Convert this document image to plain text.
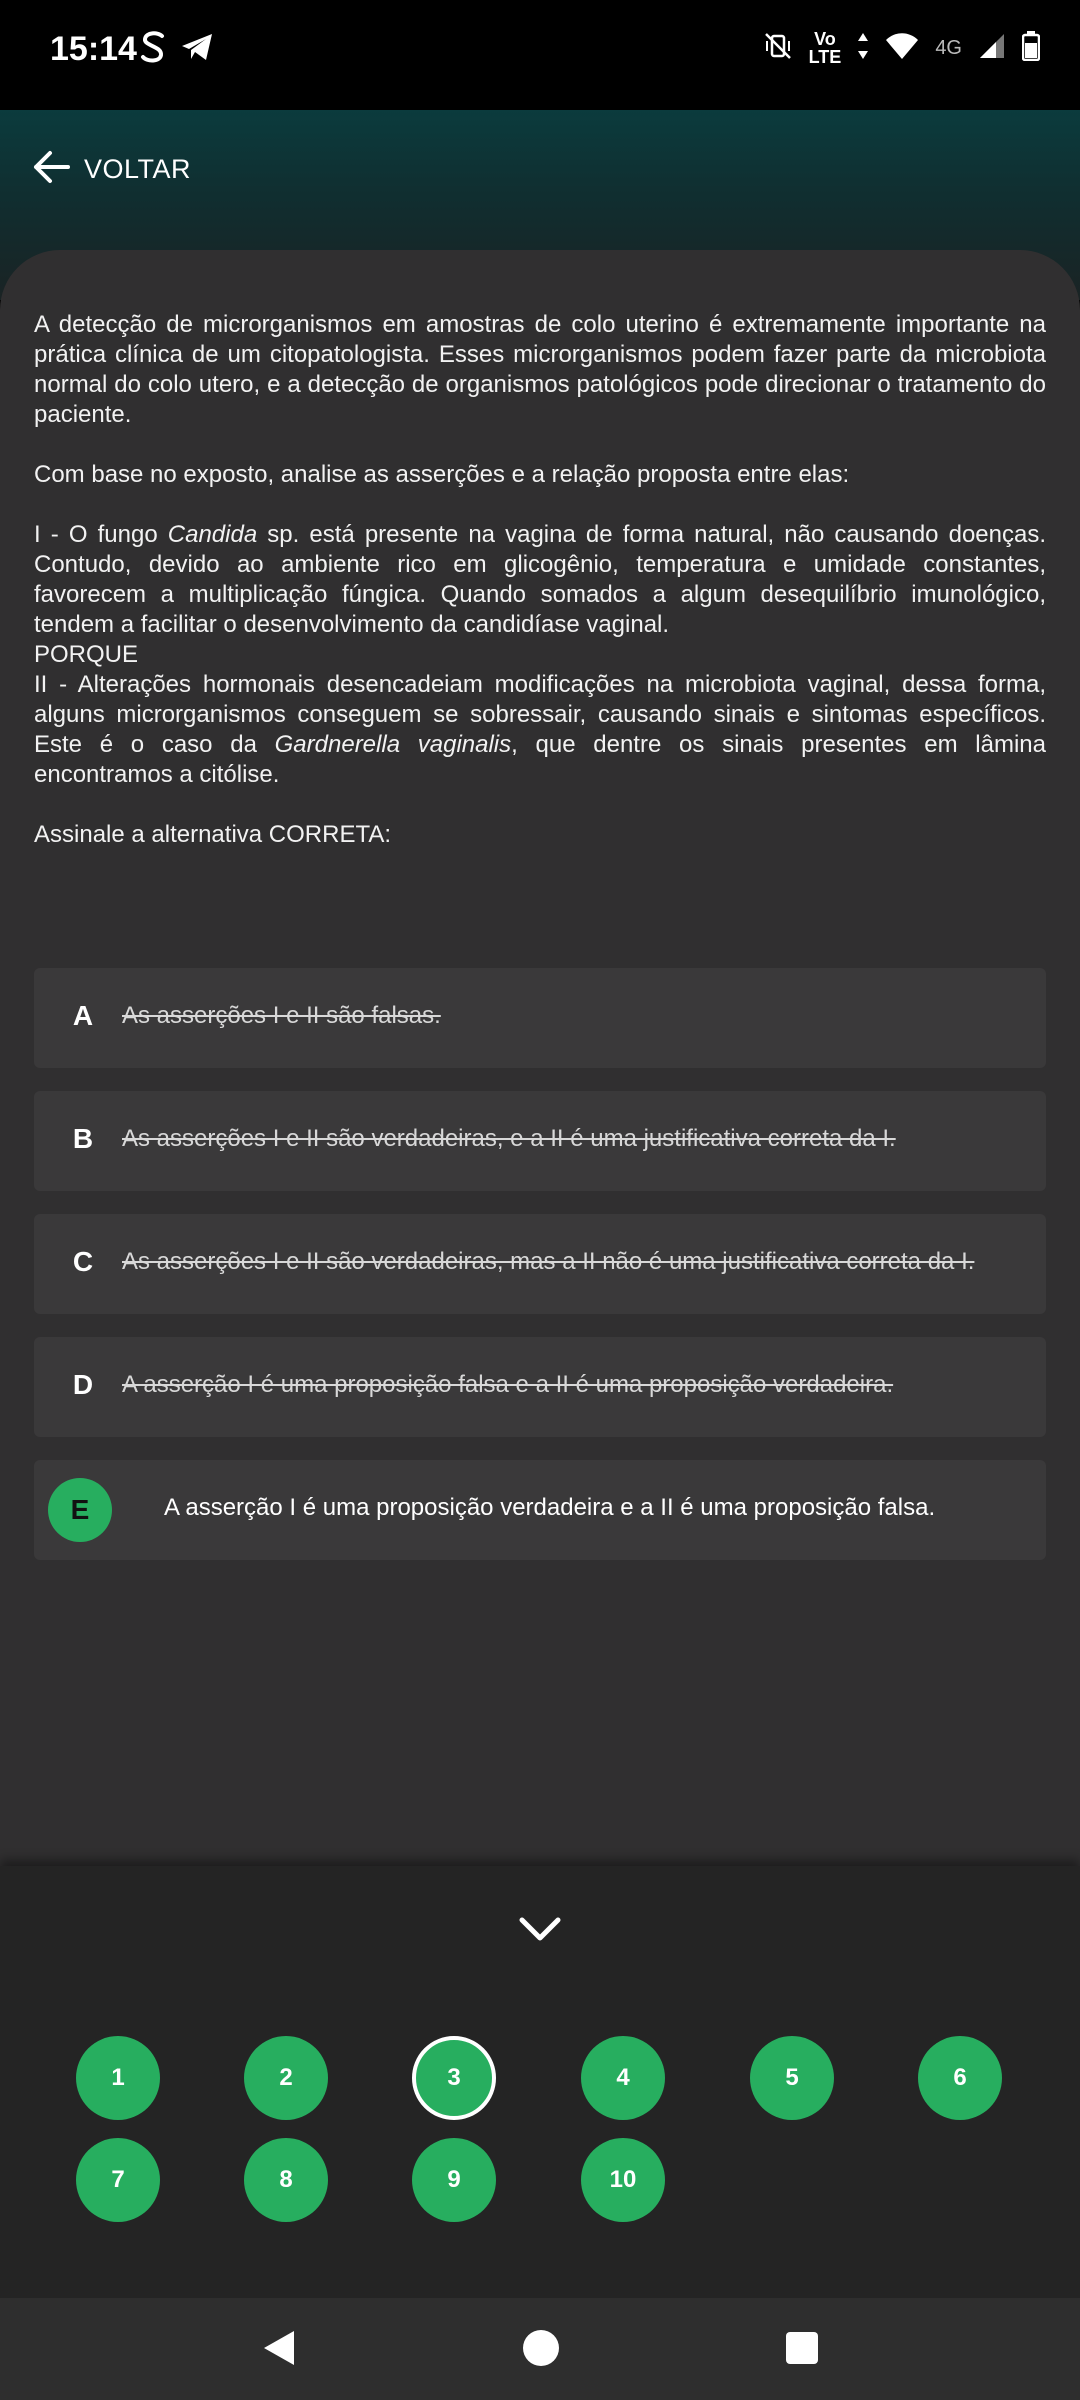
15:14	Vo
LTE	4G
VOLTAR

A detecção de microrganismos em amostras de colo uterino é extremamente importante na prática clínica de um citopatologista. Esses microrganismos podem fazer parte da microbiota normal do colo utero, e a detecção de organismos patológicos pode direcionar o tratamento do paciente.

Com base no exposto, analise as asserções e a relação proposta entre elas:

I - O fungo Candida sp. está presente na vagina de forma natural, não causando doenças. Contudo, devido ao ambiente rico em glicogênio, temperatura e umidade constantes, favorecem a multiplicação fúngica. Quando somados a algum desequilíbrio imunológico, tendem a facilitar o desenvolvimento da candidíase vaginal.

PORQUE

II - Alterações hormonais desencadeiam modificações na microbiota vaginal, dessa forma, alguns microrganismos conseguem se sobressair, causando sinais e sintomas específicos. Este é o caso da Gardnerella vaginalis, que dentre os sinais presentes em lâmina encontramos a citólise.

Assinale a alternativa CORRETA:

A As asserções I e II são falsas.
B As asserções I e II são verdadeiras, e a II é uma justificativa correta da I.
C As asserções I e II são verdadeiras, mas a II não é uma justificativa correta da I.
D A asserção I é uma proposição falsa e a II é uma proposição verdadeira.
E	A asserção I é uma proposição verdadeira e a II é uma proposição falsa.
1	2	3	4	5	6
7	8	9	10
